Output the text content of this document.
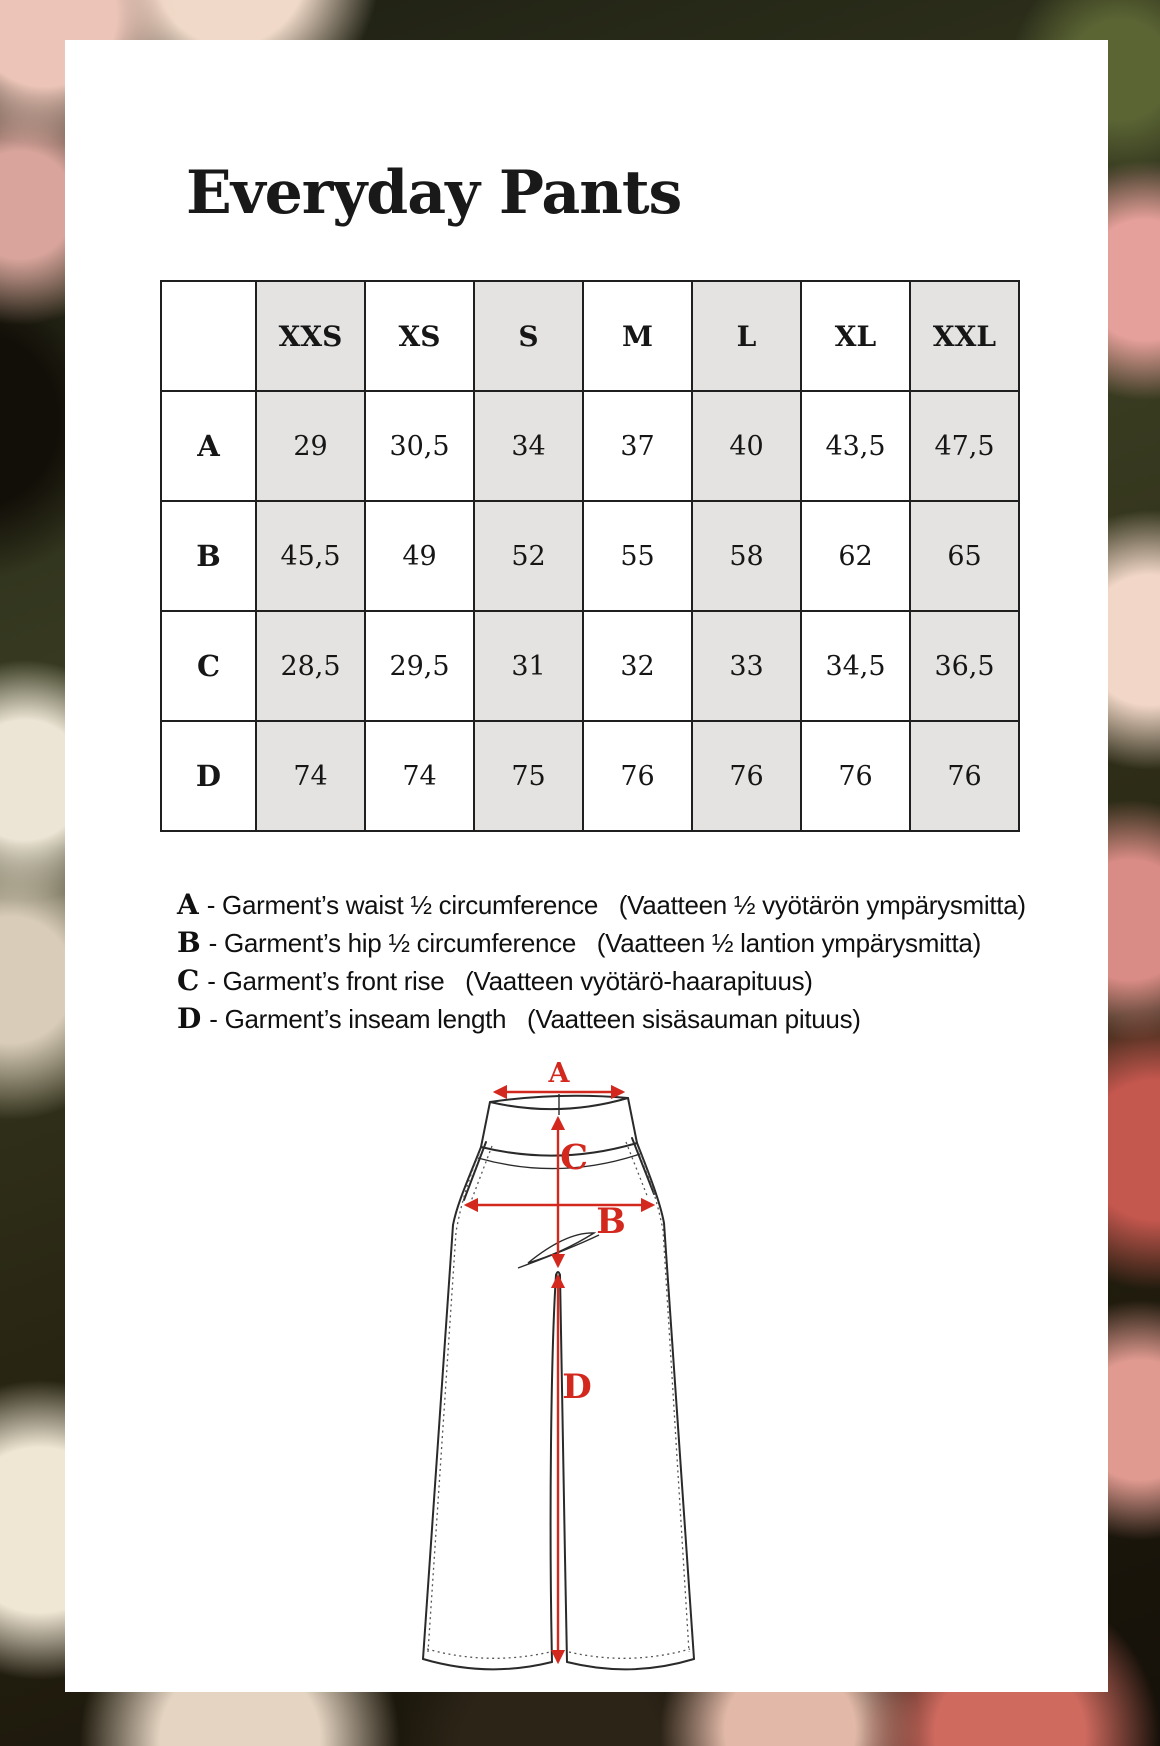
Everyday Pants
	XXS	XS	S	M	L	XL	XXL
A	29	30,5	34	37	40	43,5	47,5
B	45,5	49	52	55	58	62	65
C	28,5	29,5	31	32	33	34,5	36,5
D	74	74	75	76	76	76	76
A - Garment’s waist ½ circumference   (Vaatteen ½ vyötärön ympärysmitta)
B - Garment’s hip ½ circumference   (Vaatteen ½ lantion ympärysmitta)
C - Garment’s front rise   (Vaatteen vyötärö-haarapituus)
D - Garment’s inseam length   (Vaatteen sisäsauman pituus)
A
C
B
D
